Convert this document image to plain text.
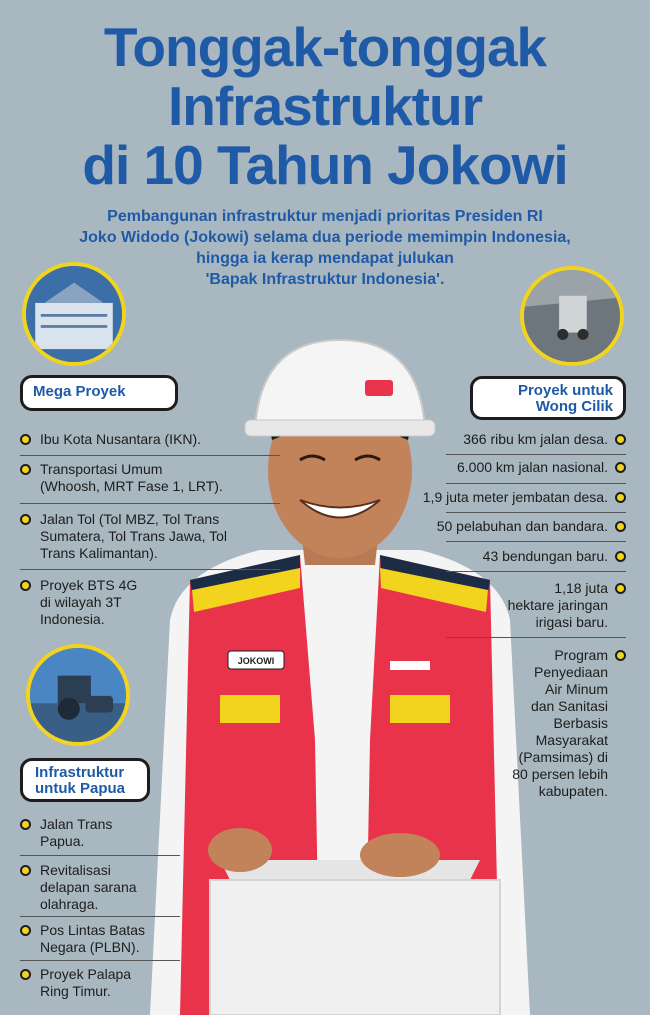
Tonggak-tonggak
Infrastruktur
di 10 Tahun Jokowi
Pembangunan infrastruktur menjadi prioritas Presiden RI
Joko Widodo (Jokowi) selama dua periode memimpin Indonesia,
hingga ia kerap mendapat julukan
'Bapak Infrastruktur Indonesia'.
JOKOWI
Mega Proyek
Ibu Kota Nusantara (IKN).
Transportasi Umum
(Whoosh, MRT Fase 1, LRT).
Jalan Tol (Tol MBZ, Tol Trans
Sumatera, Tol Trans Jawa, Tol
Trans Kalimantan).
Proyek BTS 4G
di wilayah 3T
Indonesia.
Proyek untuk
Wong Cilik
366 ribu km jalan desa.
6.000 km jalan nasional.
1,9 juta meter jembatan desa.
50 pelabuhan dan bandara.
43 bendungan baru.
1,18 juta
hektare jaringan
irigasi baru.
Program
Penyediaan
Air Minum
dan Sanitasi
Berbasis
Masyarakat
(Pamsimas) di
80 persen lebih
kabupaten.
Infrastruktur
untuk Papua
Jalan Trans
Papua.
Revitalisasi
delapan sarana
olahraga.
Pos Lintas Batas
Negara (PLBN).
Proyek Palapa
Ring Timur.
